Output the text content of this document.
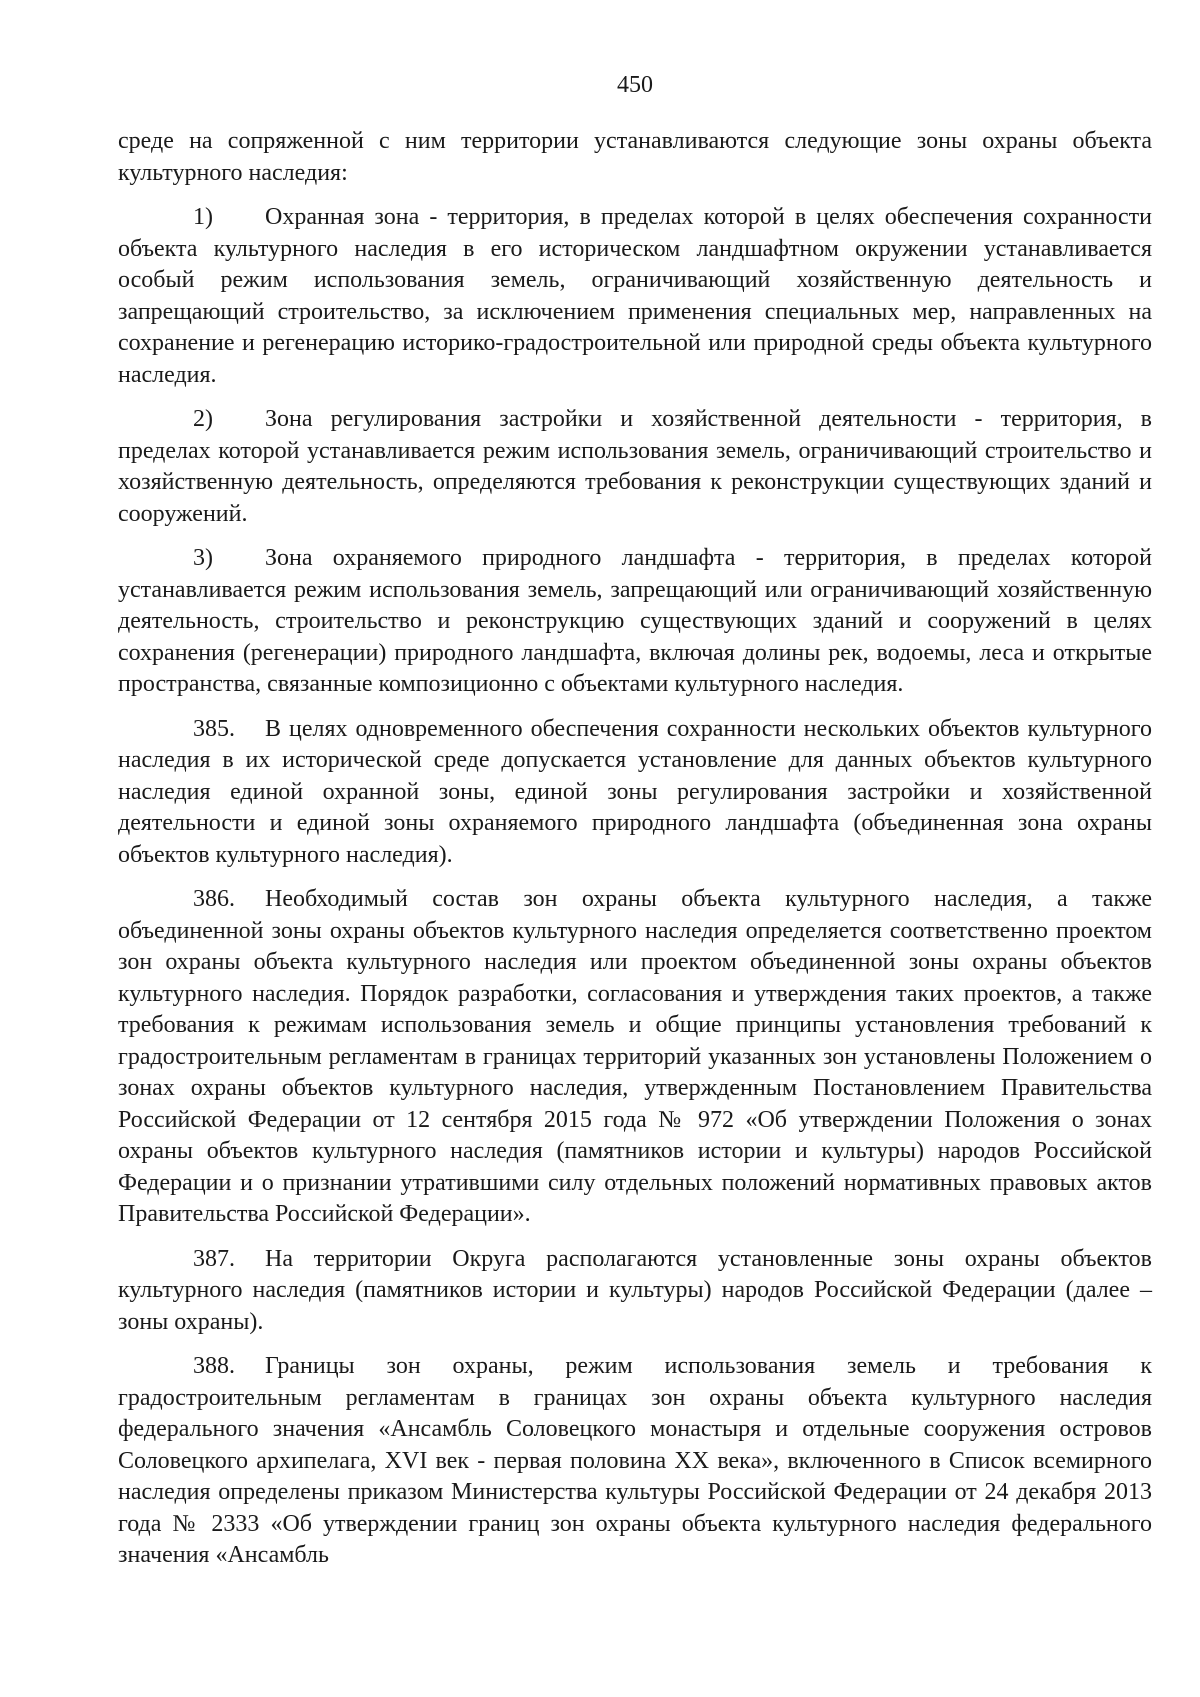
450

среде на сопряженной с ним территории устанавливаются следующие зоны охраны объекта культурного наследия:

1) Охранная зона - территория, в пределах которой в целях обеспечения сохранности объекта культурного наследия в его историческом ландшафтном окружении устанавливается особый режим использования земель, ограничивающий хозяйственную деятельность и запрещающий строительство, за исключением применения специальных мер, направленных на сохранение и регенерацию историко-градостроительной или природной среды объекта культурного наследия.

2) Зона регулирования застройки и хозяйственной деятельности - территория, в пределах которой устанавливается режим использования земель, ограничивающий строительство и хозяйственную деятельность, определяются требования к реконструкции существующих зданий и сооружений.

3) Зона охраняемого природного ландшафта - территория, в пределах которой устанавливается режим использования земель, запрещающий или ограничивающий хозяйственную деятельность, строительство и реконструкцию существующих зданий и сооружений в целях сохранения (регенерации) природного ландшафта, включая долины рек, водоемы, леса и открытые пространства, связанные композиционно с объектами культурного наследия.

385. В целях одновременного обеспечения сохранности нескольких объектов культурного наследия в их исторической среде допускается установление для данных объектов культурного наследия единой охранной зоны, единой зоны регулирования застройки и хозяйственной деятельности и единой зоны охраняемого природного ландшафта (объединенная зона охраны объектов культурного наследия).

386. Необходимый состав зон охраны объекта культурного наследия, а также объединенной зоны охраны объектов культурного наследия определяется соответственно проектом зон охраны объекта культурного наследия или проектом объединенной зоны охраны объектов культурного наследия. Порядок разработки, согласования и утверждения таких проектов, а также требования к режимам использования земель и общие принципы установления требований к градостроительным регламентам в границах территорий указанных зон установлены Положением о зонах охраны объектов культурного наследия, утвержденным Постановлением Правительства Российской Федерации от 12 сентября 2015 года № 972 «Об утверждении Положения о зонах охраны объектов культурного наследия (памятников истории и культуры) народов Российской Федерации и о признании утратившими силу отдельных положений нормативных правовых актов Правительства Российской Федерации».

387. На территории Округа располагаются установленные зоны охраны объектов культурного наследия (памятников истории и культуры) народов Российской Федерации (далее – зоны охраны).

388. Границы зон охраны, режим использования земель и требования к градостроительным регламентам в границах зон охраны объекта культурного наследия федерального значения «Ансамбль Соловецкого монастыря и отдельные сооружения островов Соловецкого архипелага, XVI век - первая половина XX века», включенного в Список всемирного наследия определены приказом Министерства культуры Российской Федерации от 24 декабря 2013 года № 2333 «Об утверждении границ зон охраны объекта культурного наследия федерального значения «Ансамбль
